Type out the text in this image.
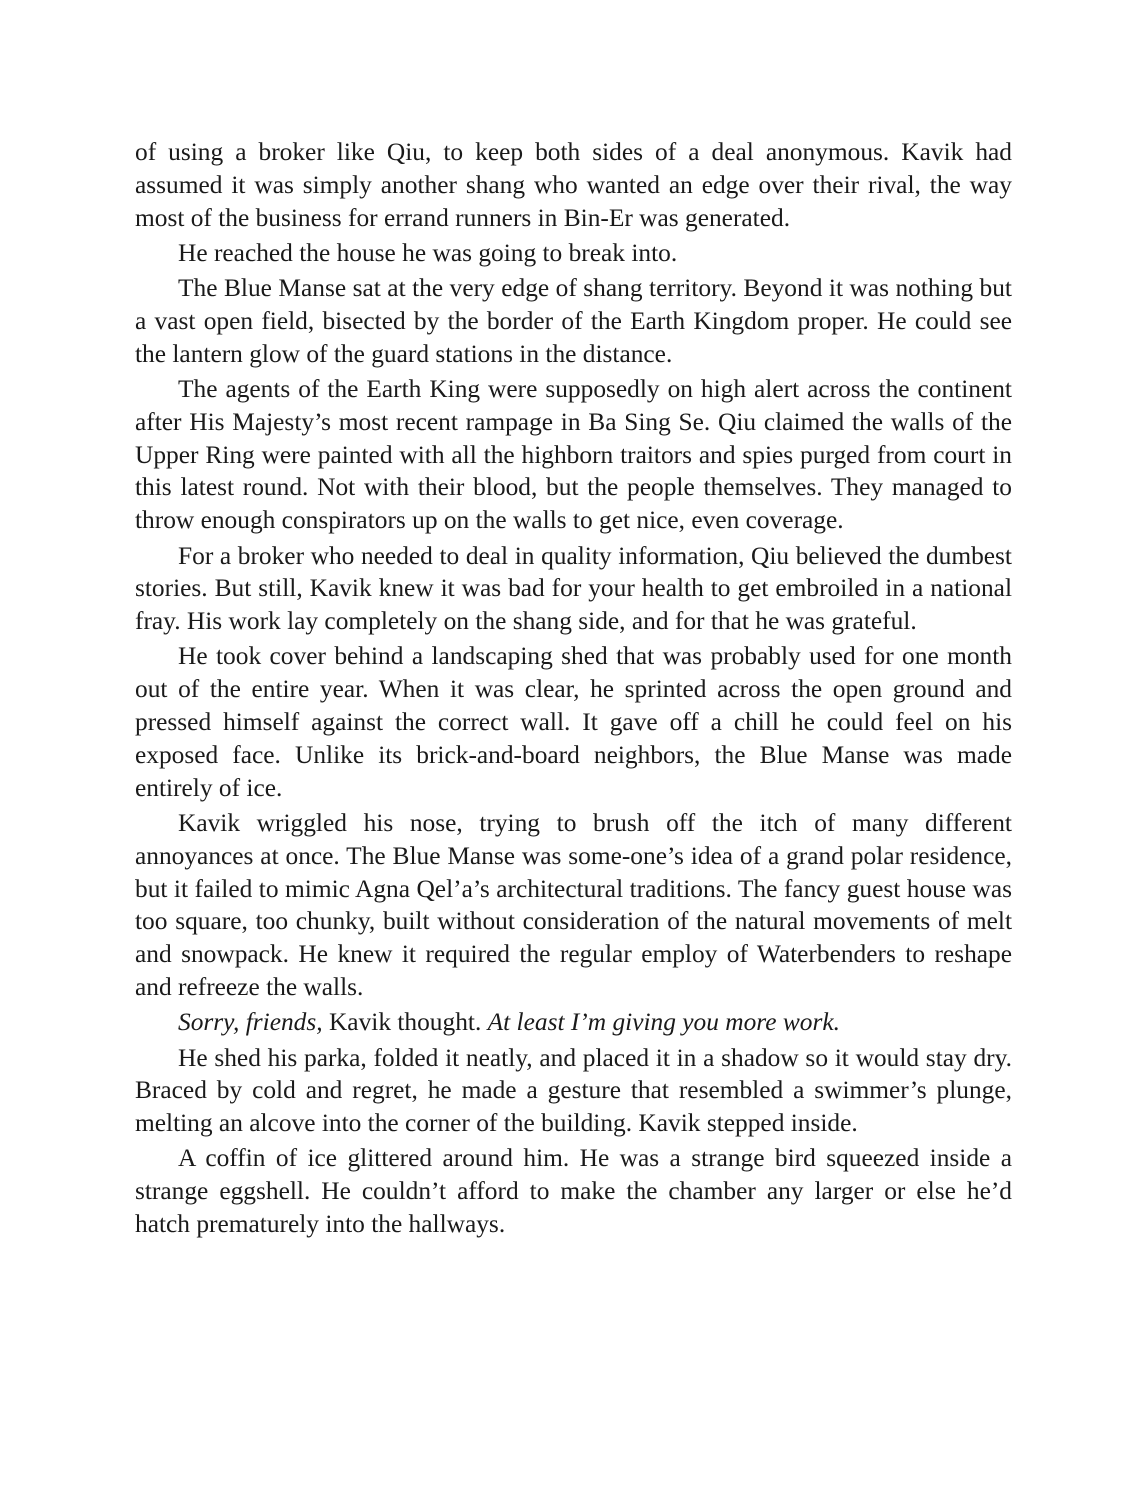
of using a broker like Qiu, to keep both sides of a deal anonymous. Kavik had assumed it was simply another shang who wanted an edge over their rival, the way most of the business for errand runners in Bin-Er was generated.

He reached the house he was going to break into.

The Blue Manse sat at the very edge of shang territory. Beyond it was nothing but a vast open field, bisected by the border of the Earth Kingdom proper. He could see the lantern glow of the guard stations in the distance.

The agents of the Earth King were supposedly on high alert across the continent after His Majesty’s most recent rampage in Ba Sing Se. Qiu claimed the walls of the Upper Ring were painted with all the highborn traitors and spies purged from court in this latest round. Not with their blood, but the people themselves. They managed to throw enough conspirators up on the walls to get nice, even coverage.

For a broker who needed to deal in quality information, Qiu believed the dumbest stories. But still, Kavik knew it was bad for your health to get embroiled in a national fray. His work lay completely on the shang side, and for that he was grateful.

He took cover behind a landscaping shed that was probably used for one month out of the entire year. When it was clear, he sprinted across the open ground and pressed himself against the correct wall. It gave off a chill he could feel on his exposed face. Unlike its brick-and-board neighbors, the Blue Manse was made entirely of ice.

Kavik wriggled his nose, trying to brush off the itch of many different annoyances at once. The Blue Manse was some-one’s idea of a grand polar residence, but it failed to mimic Agna Qel’a’s architectural traditions. The fancy guest house was too square, too chunky, built without consideration of the natural movements of melt and snowpack. He knew it required the regular employ of Waterbenders to reshape and refreeze the walls.

Sorry, friends, Kavik thought. At least I’m giving you more work.

He shed his parka, folded it neatly, and placed it in a shadow so it would stay dry. Braced by cold and regret, he made a gesture that resembled a swimmer’s plunge, melting an alcove into the corner of the building. Kavik stepped inside.

A coffin of ice glittered around him. He was a strange bird squeezed inside a strange eggshell. He couldn’t afford to make the chamber any larger or else he’d hatch prematurely into the hallways.
